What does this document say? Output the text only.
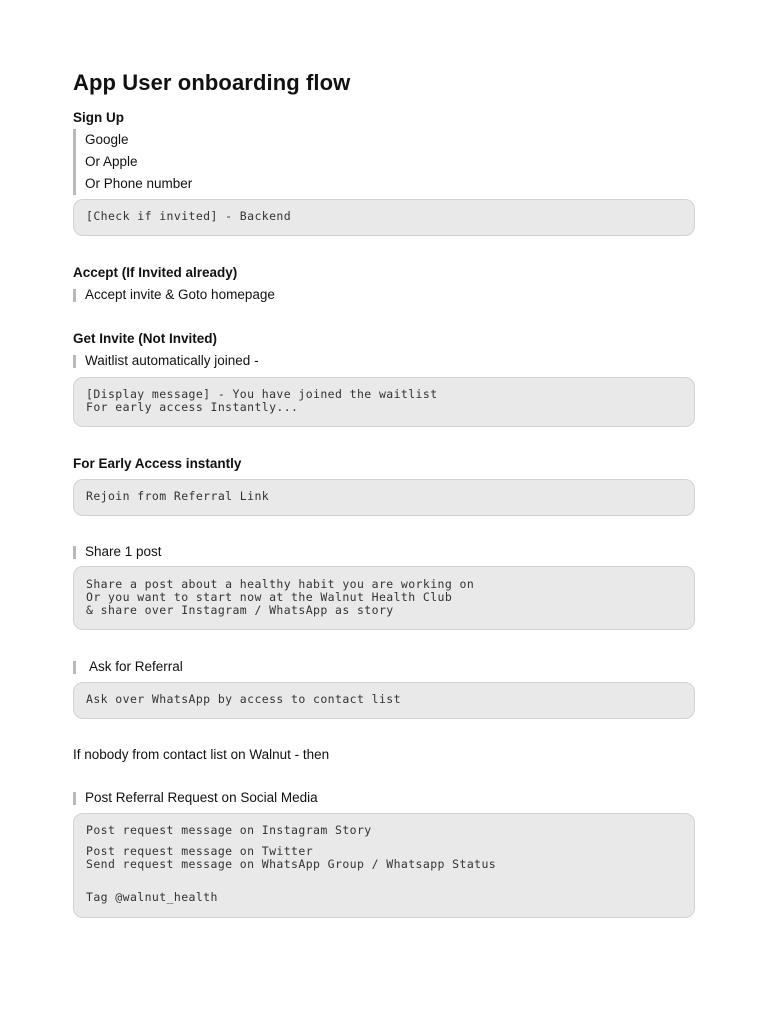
App User onboarding flow
Sign Up
Google
Or Apple
Or Phone number
[Check if invited] - Backend
Accept (If Invited already)
Accept invite & Goto homepage
Get Invite (Not Invited)
Waitlist automatically joined -
[Display message] - You have joined the waitlist
For early access Instantly...
For Early Access instantly
Rejoin from Referral Link
Share 1 post
Share a post about a healthy habit you are working on
Or you want to start now at the Walnut Health Club
& share over Instagram / WhatsApp as story
Ask for Referral
Ask over WhatsApp by access to contact list
If nobody from contact list on Walnut - then
Post Referral Request on Social Media
Post request message on Instagram Story
Post request message on Twitter
Send request message on WhatsApp Group / Whatsapp Status
Tag @walnut_health
